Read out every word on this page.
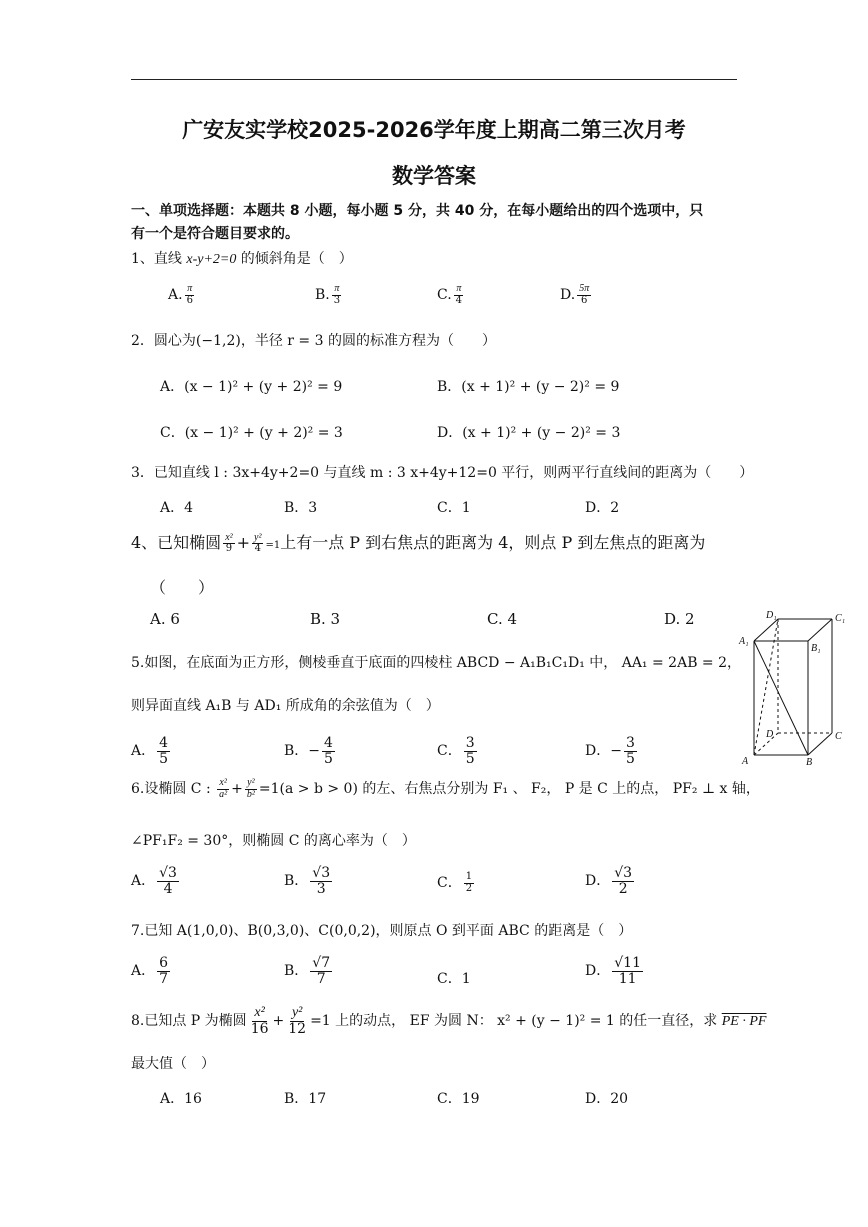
广安友实学校2025-2026学年度上期高二第三次月考
数学答案
一、单项选择题：本题共 8 小题，每小题 5 分，共 40 分，在每小题给出的四个选项中，只
有一个是符合题目要求的。
1、直线 x-y+2=0 的倾斜角是（　）
A. $\frac{\pi}{6}$	B. $\frac{\pi}{3}$	C. $\frac{\pi}{4}$	D. $\frac{5\pi}{6}$
2．圆心为(−1,2)，半径 r = 3 的圆的标准方程为（　　）
A．(x − 1)² + (y + 2)² = 9	B．(x + 1)² + (y − 2)² = 9
C．(x − 1)² + (y + 2)² = 3	D．(x + 1)² + (y − 2)² = 3
3．已知直线 l : 3x+4y+2=0 与直线 m : 3 x+4y+12=0 平行，则两平行直线间的距离为（　　）
A．4	B．3	C．1	D．2
4、已知椭圆 $\frac{\text{x²}}{9} + \frac{\text{y²}}{4} =1$上有一点 P 到右焦点的距离为 4，则点 P 到左焦点的距离为
（　　）
A. 6	B. 3	C. 4	D. 2
5.如图，在底面为正方形，侧棱垂直于底面的四棱柱 ABCD − A₁B₁C₁D₁ 中， AA₁ = 2AB = 2，
则异面直线 A₁B 与 AD₁ 所成角的余弦值为（　）
A． $\frac{4}{5}$	B．− $\frac{4}{5}$	C． $\frac{3}{5}$	D．− $\frac{3}{5}$
D₁	C₁
A₁
B₁
D	C
A	B
6.设椭圆 C : $\frac{\text{x²}}{\text{a²}} + \frac{\text{y²}}{\text{b²}} =1(a > b > 0)$ 的左、右焦点分别为 F₁ 、 F₂， P 是 C 上的点， PF₂ ⊥ x 轴，
∠PF₁F₂ = 30°，则椭圆 C 的离心率为（　）
A． $\frac{√3}{4}$	B． $\frac{√3}{3}$	C． $\frac{1}{2}$	D． $\frac{√3}{2}$
7.已知 A(1,0,0)、B(0,3,0)、C(0,0,2)，则原点 O 到平面 ABC 的距离是（　）
A． $\frac{6}{7}$	B． $\frac{√7}{7}$	C．1	D． $\frac{√11}{11}$
8.已知点 P 为椭圆 $\frac{\text{x²}}{16} + \frac{\text{y²}}{12} =1$ 上的动点， EF 为圆 N： x² + (y − 1)² = 1 的任一直径，求 PE · PF
最大值（　）
A．16	B．17	C．19	D．20
